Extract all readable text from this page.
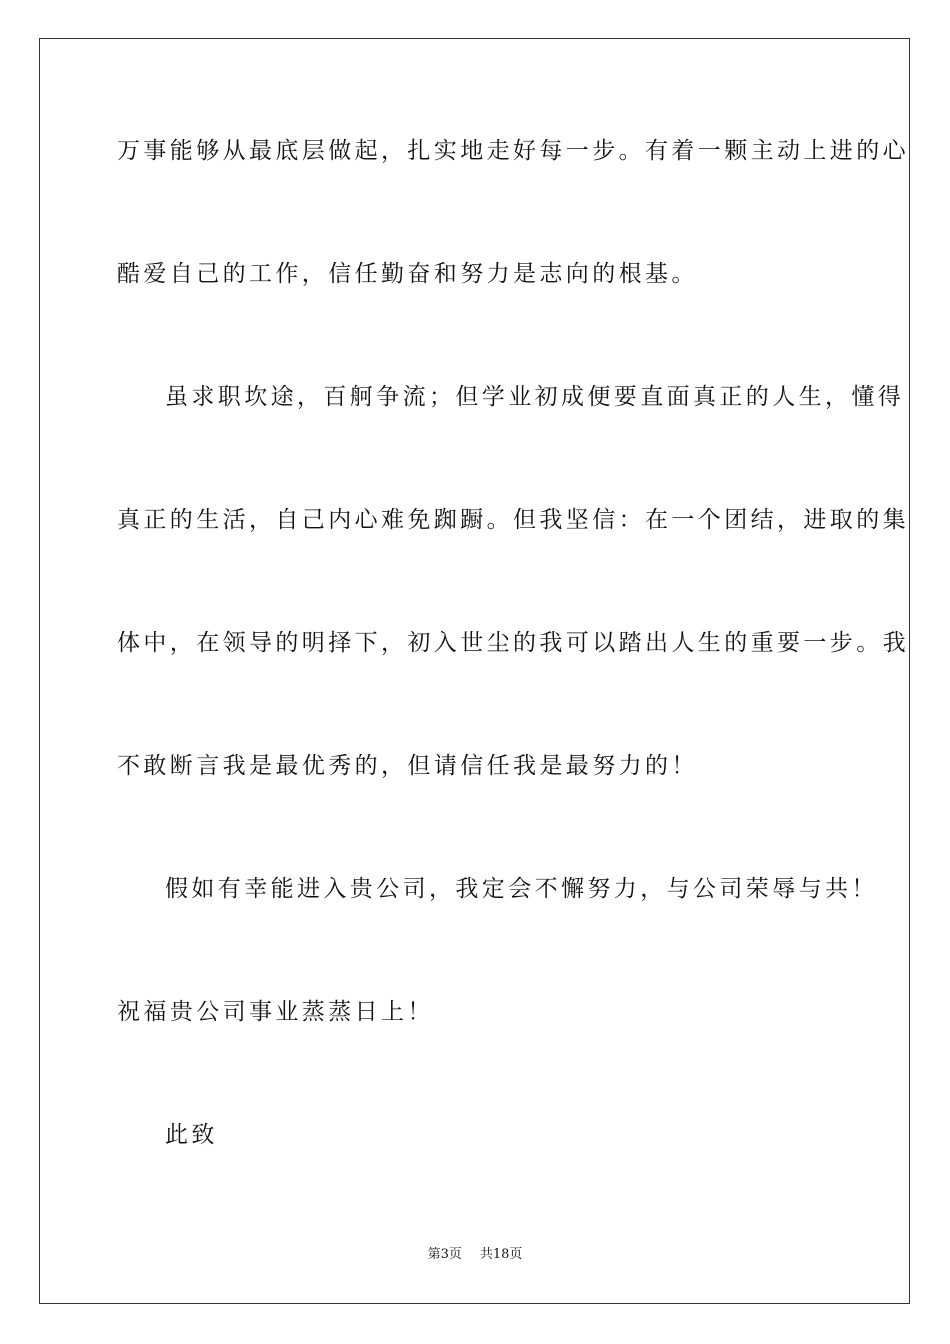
万事能够从最底层做起，扎实地走好每一步。有着一颗主动上进的心
酷爱自己的工作，信任勤奋和努力是志向的根基。
虽求职坎途，百舸争流；但学业初成便要直面真正的人生，懂得
真正的生活，自己内心难免踟蹰。但我坚信：在一个团结，进取的集
体中，在领导的明择下，初入世尘的我可以踏出人生的重要一步。我
不敢断言我是最优秀的，但请信任我是最努力的！
假如有幸能进入贵公司，我定会不懈努力，与公司荣辱与共！
祝福贵公司事业蒸蒸日上！
此致
第3页 共18页
